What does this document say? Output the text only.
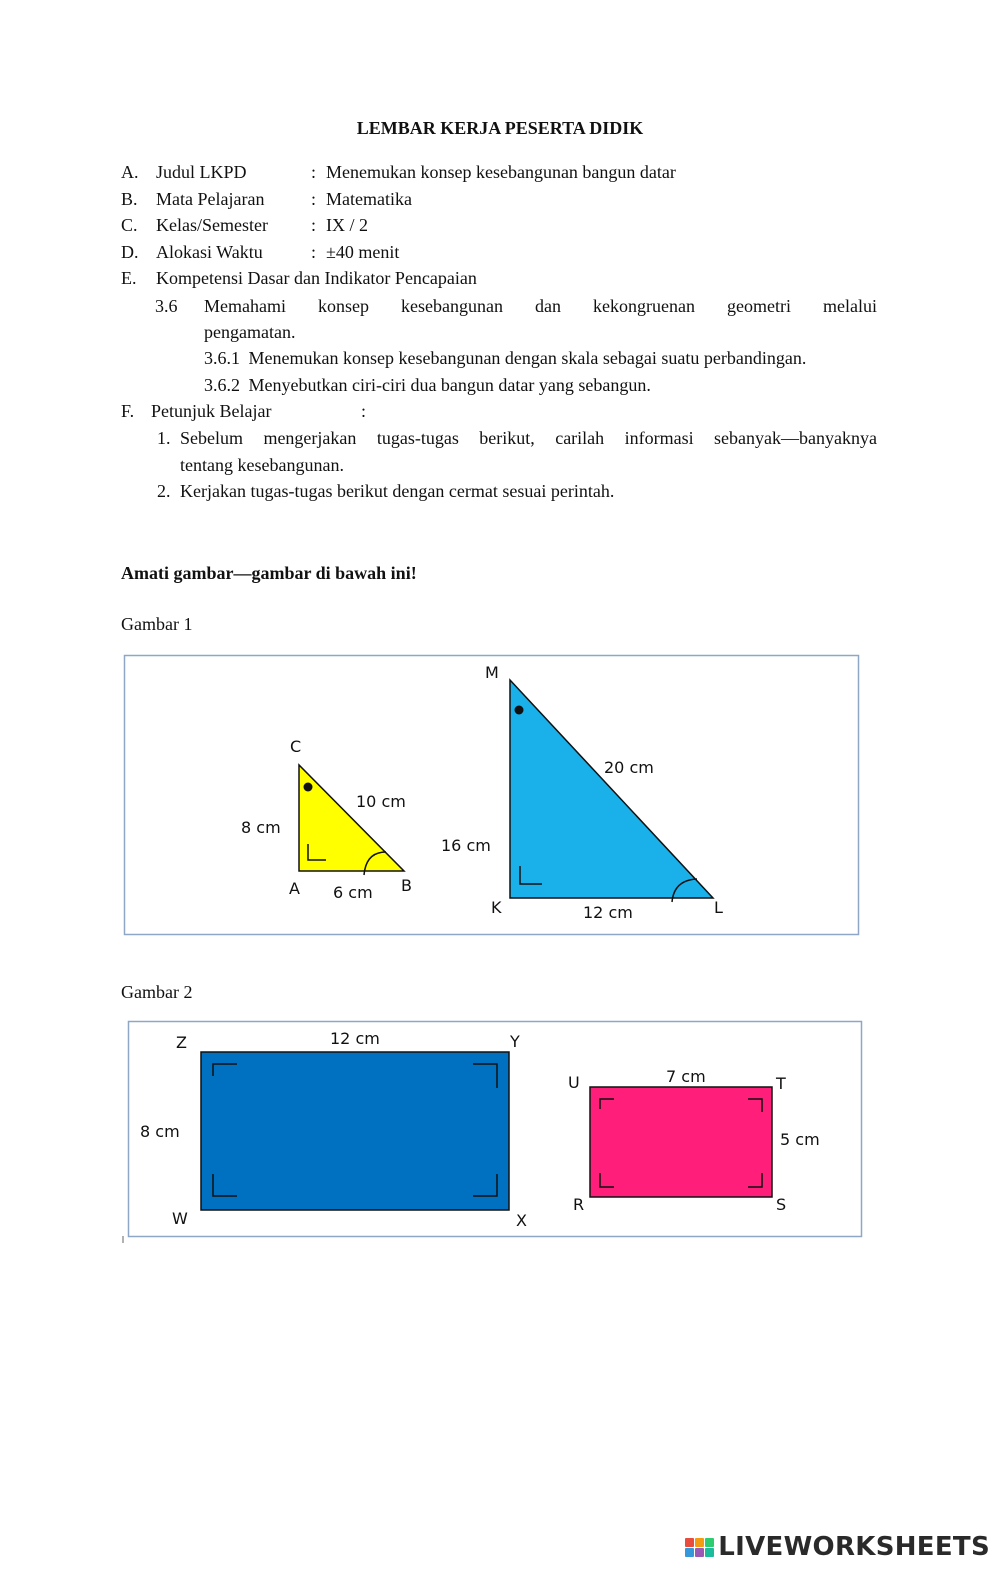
LEMBAR KERJA PESERTA DIDIK
A. Judul LKPD	: Menemukan konsep kesebangunan bangun datar
B. Mata Pelajaran	: Matematika
C. Kelas/Semester : IX / 2
D. Alokasi Waktu	: ±40 menit
E. Kompetensi Dasar dan Indikator Pencapaian
3.6 Memahami konsep kesebangunan dan kekongruenan geometri melalui
pengamatan.
3.6.1 Menemukan konsep kesebangunan dengan skala sebagai suatu perbandingan.
3.6.2 Menyebutkan ciri-ciri dua bangun datar yang sebangun.
F. Petunjuk Belajar	:
1. Sebelum mengerjakan tugas-tugas berikut, carilah informasi sebanyak—banyaknya
tentang kesebangunan.
2. Kerjakan tugas-tugas berikut dengan cermat sesuai perintah.
Amati gambar—gambar di bawah ini!
Gambar 1
C
A	B
8 cm
10 cm
6 cm
M
K	L
16 cm
20 cm
12 cm
Z	Y
W	X
12 cm
8 cm
U	T
R	S
7 cm
5 cm
Gambar 2
LIVEWORKSHEETS
